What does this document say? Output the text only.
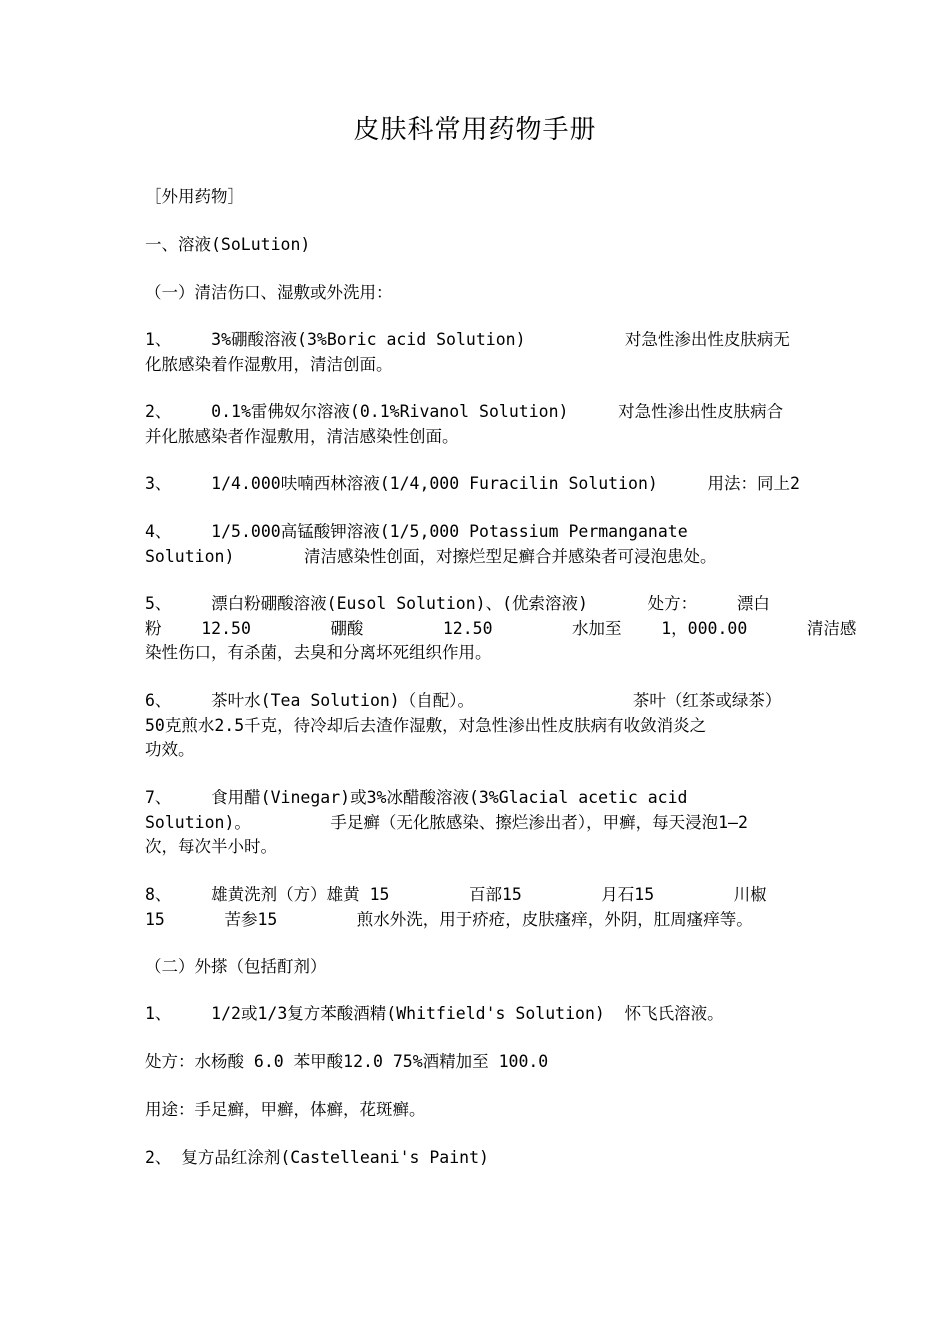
皮肤科常用药物手册
［外用药物］
一、溶液(SoLution)
（一）清洁伤口、湿敷或外洗用：
1、    3%硼酸溶液(3%Boric acid Solution)          对急性渗出性皮肤病无
化脓感染着作湿敷用，清洁创面。
2、    0.1%雷佛奴尔溶液(0.1%Rivanol Solution)     对急性渗出性皮肤病合
并化脓感染者作湿敷用，清洁感染性创面。
3、    1/4.000呋喃西林溶液(1/4,000 Furacilin Solution)     用法：同上2
4、    1/5.000高锰酸钾溶液(1/5,000 Potassium Permanganate
Solution)       清洁感染性创面，对擦烂型足癣合并感染者可浸泡患处。
5、    漂白粉硼酸溶液(Eusol Solution)、(优索溶液)      处方：    漂白
粉    12.50        硼酸        12.50        水加至    1，000.00      清洁感
染性伤口，有杀菌，去臭和分离坏死组织作用。
6、    茶叶水(Tea Solution)（自配）。                茶叶（红茶或绿茶）
50克煎水2.5千克，待冷却后去渣作湿敷，对急性渗出性皮肤病有收敛消炎之
功效。
7、    食用醋(Vinegar)或3%冰醋酸溶液(3%Glacial acetic acid
Solution)。        手足癣（无化脓感染、擦烂渗出者），甲癣，每天浸泡1—2
次，每次半小时。
8、    雄黄洗剂（方）雄黄 15        百部15        月石15        川椒
15      苦参15        煎水外洗，用于疥疮，皮肤瘙痒，外阴，肛周瘙痒等。
（二）外搽（包括酊剂）
1、    1/2或1/3复方苯酸酒精(Whitfield's Solution)  怀飞氏溶液。
处方：水杨酸 6.0 苯甲酸12.0 75%酒精加至 100.0
用途：手足癣，甲癣，体癣，花斑癣。
2、 复方品红涂剂(Castelleani's Paint)
